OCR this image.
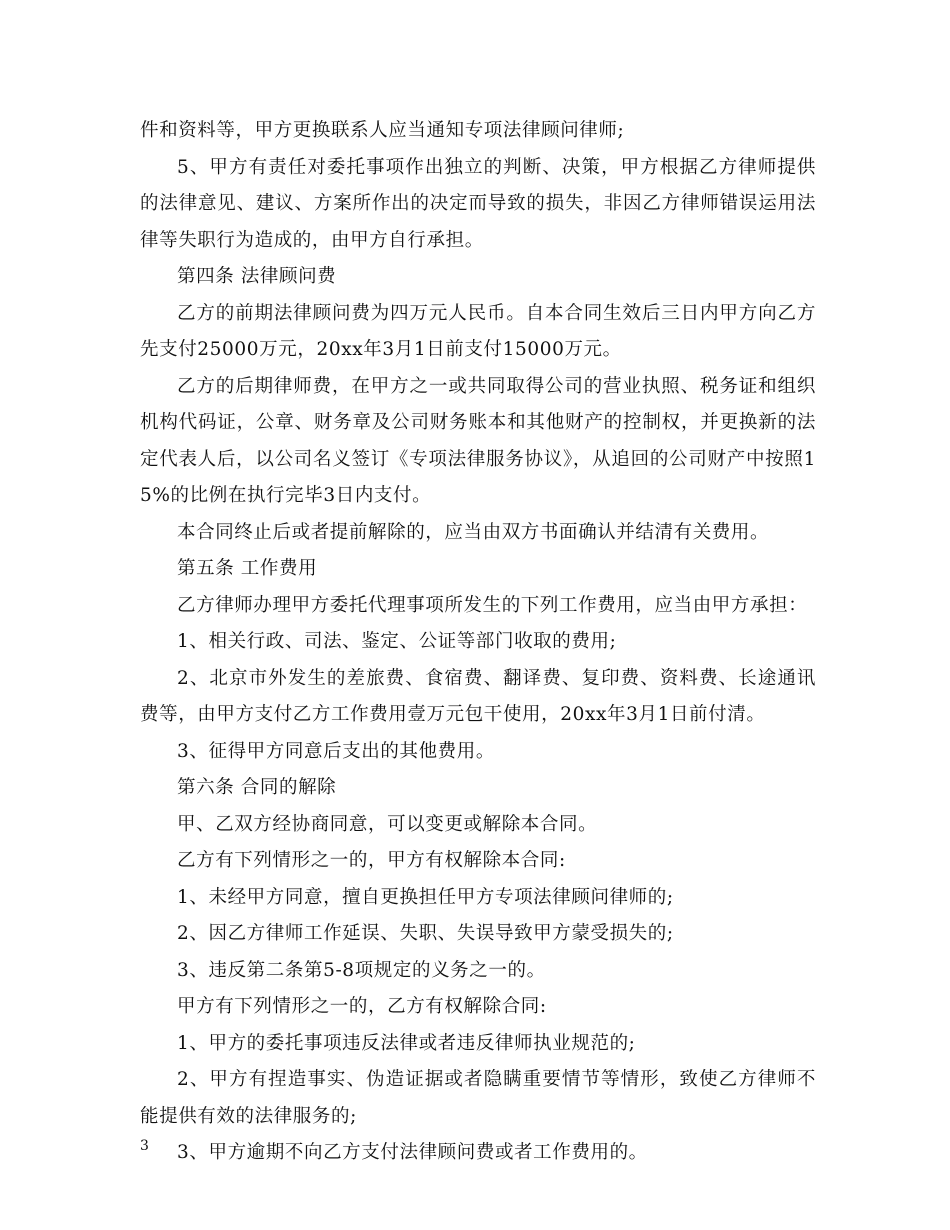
件和资料等，甲方更换联系人应当通知专项法律顾问律师;

5、甲方有责任对委托事项作出独立的判断、决策，甲方根据乙方律师提供的法律意见、建议、方案所作出的决定而导致的损失，非因乙方律师错误运用法律等失职行为造成的，由甲方自行承担。

第四条 法律顾问费

乙方的前期法律顾问费为四万元人民币。自本合同生效后三日内甲方向乙方先支付25000万元，20xx年3月1日前支付15000万元。

乙方的后期律师费，在甲方之一或共同取得公司的营业执照、税务证和组织机构代码证，公章、财务章及公司财务账本和其他财产的控制权，并更换新的法定代表人后，以公司名义签订《专项法律服务协议》，从追回的公司财产中按照15%的比例在执行完毕3日内支付。

本合同终止后或者提前解除的，应当由双方书面确认并结清有关费用。

第五条 工作费用

乙方律师办理甲方委托代理事项所发生的下列工作费用，应当由甲方承担：

1、相关行政、司法、鉴定、公证等部门收取的费用;

2、北京市外发生的差旅费、食宿费、翻译费、复印费、资料费、长途通讯费等，由甲方支付乙方工作费用壹万元包干使用，20xx年3月1日前付清。

3、征得甲方同意后支出的其他费用。

第六条 合同的解除

甲、乙双方经协商同意，可以变更或解除本合同。

乙方有下列情形之一的，甲方有权解除本合同:

1、未经甲方同意，擅自更换担任甲方专项法律顾问律师的;

2、因乙方律师工作延误、失职、失误导致甲方蒙受损失的;

3、违反第二条第5-8项规定的义务之一的。

甲方有下列情形之一的，乙方有权解除合同:

1、甲方的委托事项违反法律或者违反律师执业规范的;

2、甲方有捏造事实、伪造证据或者隐瞒重要情节等情形，致使乙方律师不能提供有效的法律服务的;

3、甲方逾期不向乙方支付法律顾问费或者工作费用的。

3
